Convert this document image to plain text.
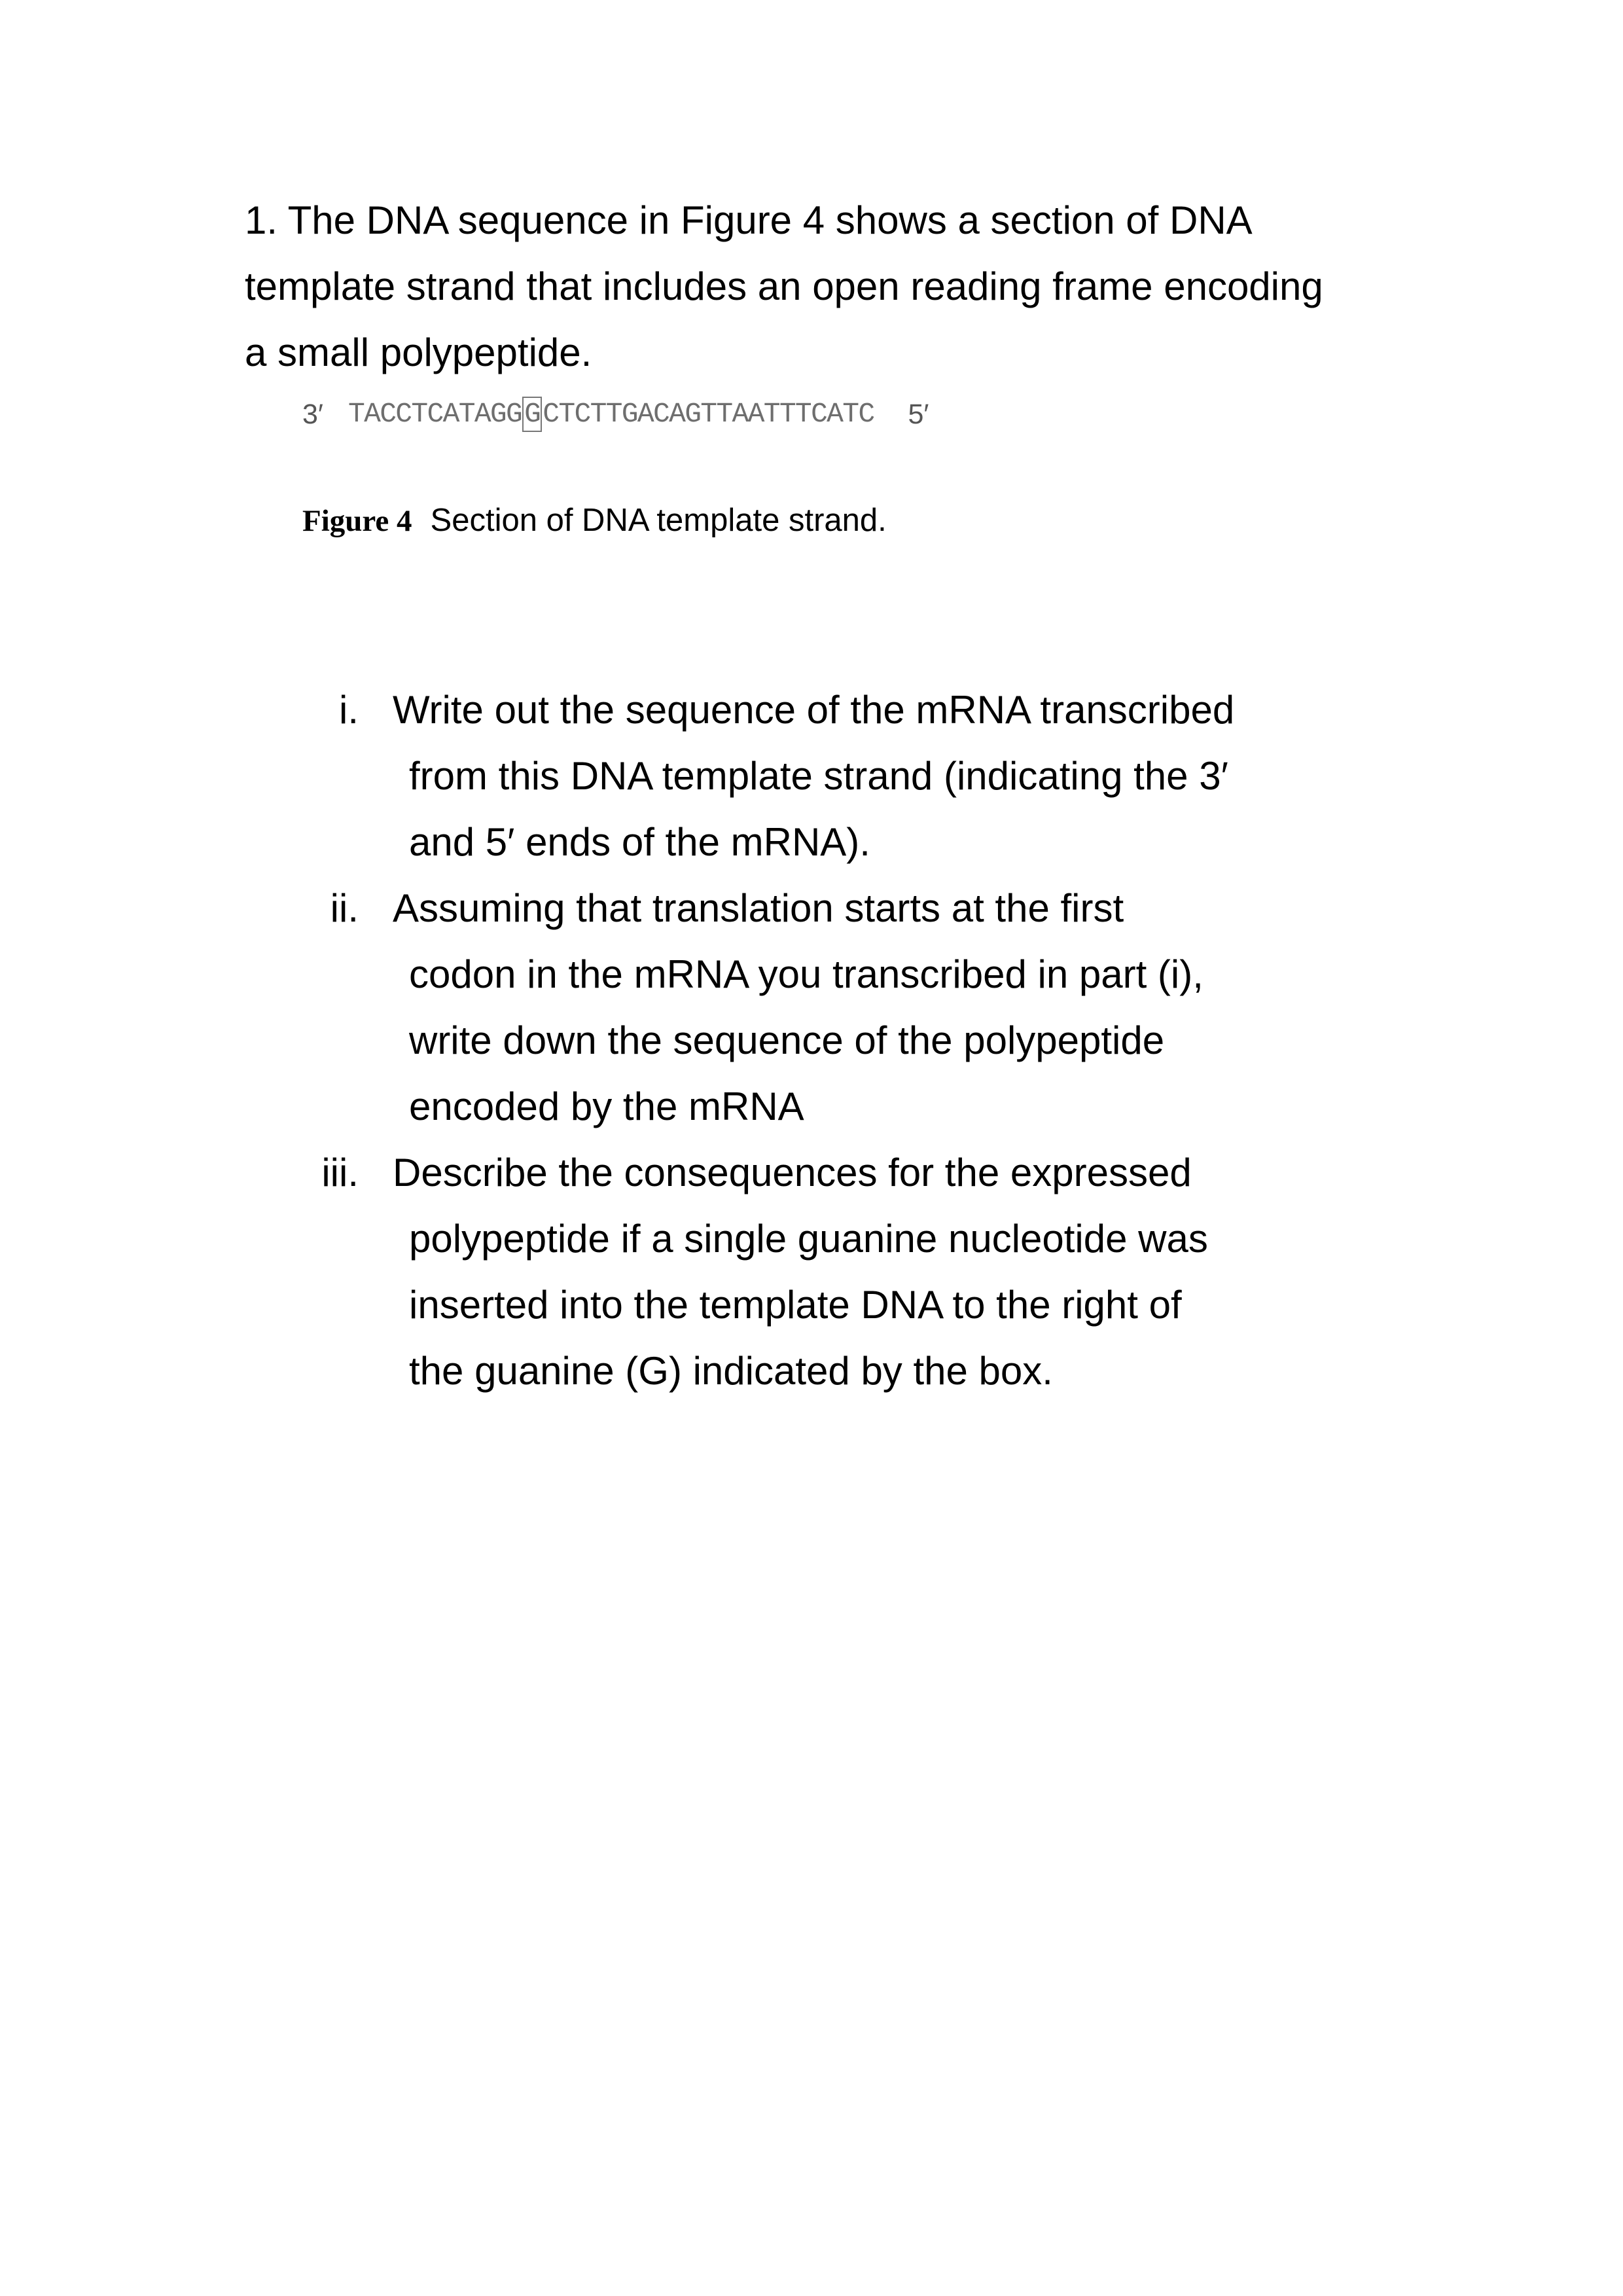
1. The DNA sequence in Figure 4 shows a section of DNA
template strand that includes an open reading frame encoding
a small polypeptide.

3′ TACCTCATAGGGCTCTTGACAGTTAATTTCATC 5′
Figure 4 Section of DNA template strand.
i. Write out the sequence of the mRNA transcribed
from this DNA template strand (indicating the 3′
and 5′ ends of the mRNA).
ii. Assuming that translation starts at the first
codon in the mRNA you transcribed in part (i),
write down the sequence of the polypeptide
encoded by the mRNA
iii. Describe the consequences for the expressed
polypeptide if a single guanine nucleotide was
inserted into the template DNA to the right of
the guanine (G) indicated by the box.
